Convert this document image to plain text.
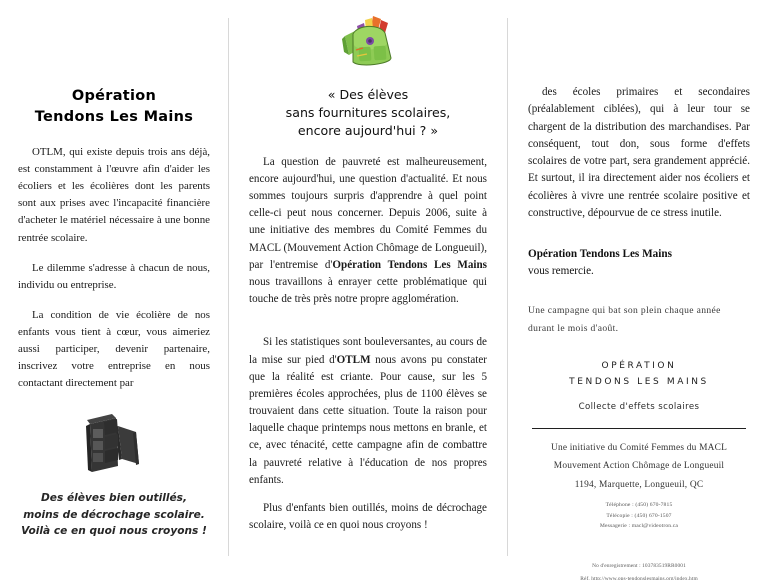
Opération
Tendons Les Mains

OTLM, qui existe depuis trois ans déjà, est constamment à l'œuvre afin d'aider les écoliers et les écolières dont les parents sont aux prises avec l'incapacité financière d'acheter le matériel nécessaire à une bonne rentrée scolaire.

Le dilemme s'adresse à chacun de nous, individu ou entreprise.

La condition de vie écolière de nos enfants vous tient à cœur, vous aimeriez aussi participer, devenir partenaire, inscrivez votre entreprise en nous contactant directement par

Des élèves bien outillés,
moins de décrochage scolaire.
Voilà ce en quoi nous croyons !
« Des élèves
sans fournitures scolaires,
encore aujourd'hui ? »

La question de pauvreté est malheureusement, encore aujourd'hui, une question d'actualité. Et nous sommes toujours surpris d'apprendre à quel point celle-ci peut nous concerner. Depuis 2006, suite à une initiative des membres du Comité Femmes du MACL (Mouvement Action Chômage de Longueuil), par l'entremise d'Opération Tendons Les Mains nous travaillons à enrayer cette problématique qui touche de très près notre propre agglomération.

Si les statistiques sont bouleversantes, au cours de la mise sur pied d'OTLM nous avons pu constater que la réalité est criante. Pour cause, sur les 5 premières écoles approchées, plus de 1100 élèves se trouvaient dans cette situation. Toute la raison pour laquelle chaque printemps nous mettons en branle, et ce, avec ténacité, cette campagne afin de combattre la pauvreté relative à l'éducation de nos propres enfants.

Plus d'enfants bien outillés, moins de décrochage scolaire, voilà ce en quoi nous croyons !

des écoles primaires et secondaires (préalablement ciblées), qui à leur tour se chargent de la distribution des marchandises. Par conséquent, tout don, sous forme d'effets scolaires de votre part, sera grandement apprécié. Et surtout, il ira directement aider nos écoliers et écolières à vivre une rentrée scolaire positive et constructive, dépourvue de ce stress inutile.

Opération Tendons Les Mains
vous remercie.
Une campagne qui bat son plein chaque année durant le mois d'août.
OPÉRATION
TENDONS LES MAINS
Collecte d'effets scolaires
Une initiative du Comité Femmes du MACL
Mouvement Action Chômage de Longueuil
1194, Marquette, Longueuil, QC
Téléphone : (450) 670-7815
Télécopie : (450) 670-1507
Messagerie : macl@videotron.ca
No d'enregistrement : 103783519RR0001
Réf. http://www.ops-tendonslesmains.org/index.htm
